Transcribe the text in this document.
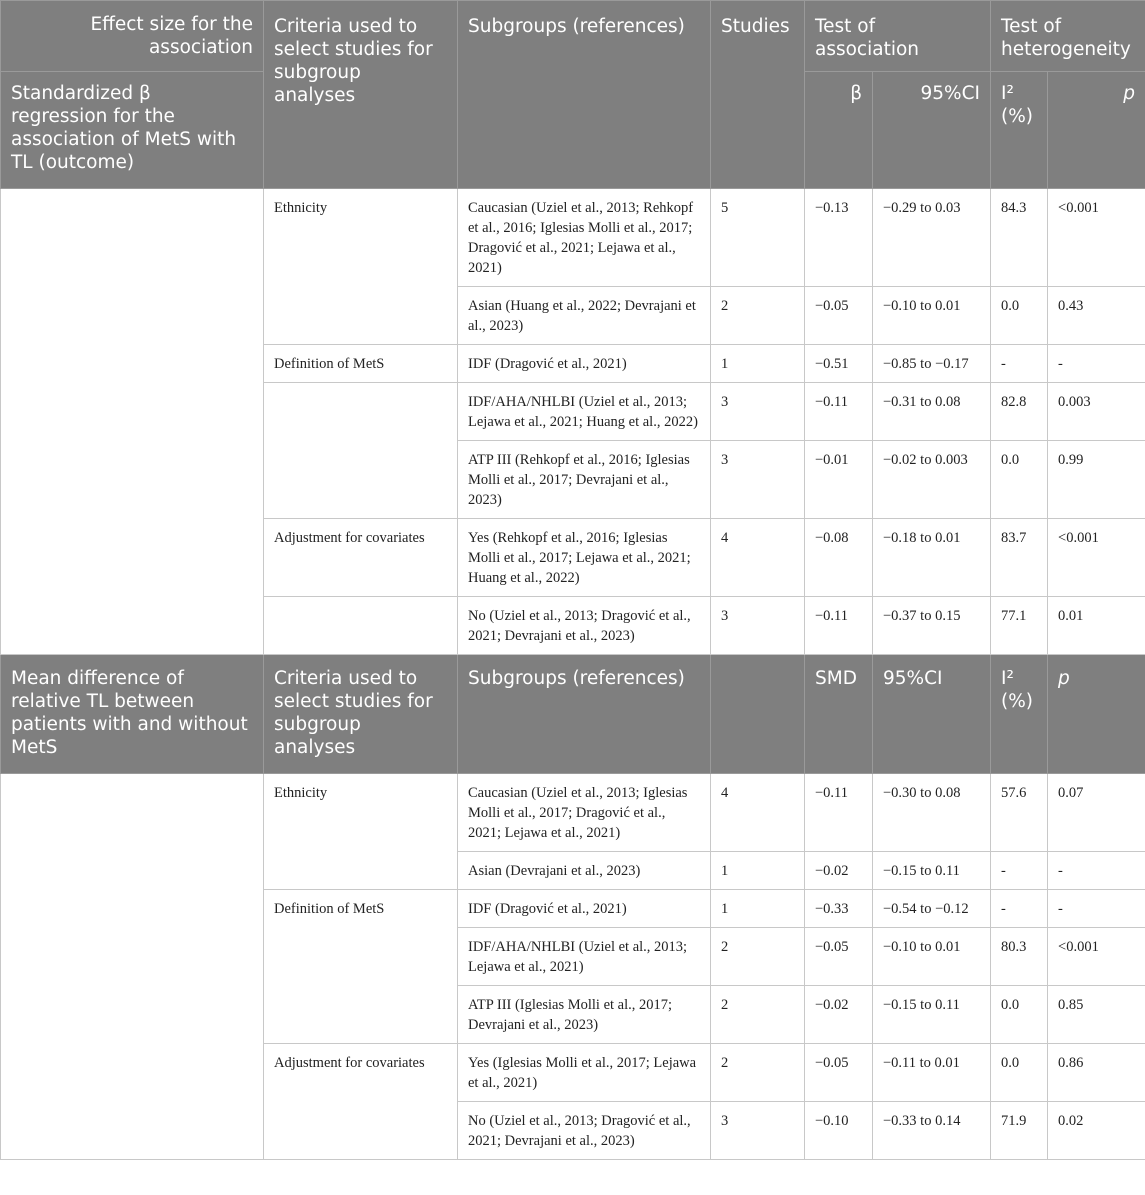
Effect size for the association	Criteria used to select studies for subgroup analyses	Subgroups (references)	Studies	Test of association		Test of heterogeneity	
Standardized β regression for the association of MetS with TL (outcome)				β	95%CI	I² (%)	p
	Ethnicity	Caucasian (Uziel et al., 2013; Rehkopf et al., 2016; Iglesias Molli et al., 2017; Dragović et al., 2021; Lejawa et al., 2021)	5	−0.13	−0.29 to 0.03	84.3	<0.001
		Asian (Huang et al., 2022; Devrajani et al., 2023)	2	−0.05	−0.10 to 0.01	0.0	0.43
	Definition of MetS	IDF (Dragović et al., 2021)	1	−0.51	−0.85 to −0.17	-	-
		IDF/AHA/NHLBI (Uziel et al., 2013; Lejawa et al., 2021; Huang et al., 2022)	3	−0.11	−0.31 to 0.08	82.8	0.003
		ATP III (Rehkopf et al., 2016; Iglesias Molli et al., 2017; Devrajani et al., 2023)	3	−0.01	−0.02 to 0.003	0.0	0.99
	Adjustment for covariates	Yes (Rehkopf et al., 2016; Iglesias Molli et al., 2017; Lejawa et al., 2021; Huang et al., 2022)	4	−0.08	−0.18 to 0.01	83.7	<0.001
		No (Uziel et al., 2013; Dragović et al., 2021; Devrajani et al., 2023)	3	−0.11	−0.37 to 0.15	77.1	0.01
Mean difference of relative TL between patients with and without MetS	Criteria used to select studies for subgroup analyses	Subgroups (references)		SMD	95%CI	I² (%)	p
	Ethnicity	Caucasian (Uziel et al., 2013; Iglesias Molli et al., 2017; Dragović et al., 2021; Lejawa et al., 2021)	4	−0.11	−0.30 to 0.08	57.6	0.07
		Asian (Devrajani et al., 2023)	1	−0.02	−0.15 to 0.11	-	-
	Definition of MetS	IDF (Dragović et al., 2021)	1	−0.33	−0.54 to −0.12	-	-
		IDF/AHA/NHLBI (Uziel et al., 2013; Lejawa et al., 2021)	2	−0.05	−0.10 to 0.01	80.3	<0.001
		ATP III (Iglesias Molli et al., 2017; Devrajani et al., 2023)	2	−0.02	−0.15 to 0.11	0.0	0.85
	Adjustment for covariates	Yes (Iglesias Molli et al., 2017; Lejawa et al., 2021)	2	−0.05	−0.11 to 0.01	0.0	0.86
		No (Uziel et al., 2013; Dragović et al., 2021; Devrajani et al., 2023)	3	−0.10	−0.33 to 0.14	71.9	0.02
